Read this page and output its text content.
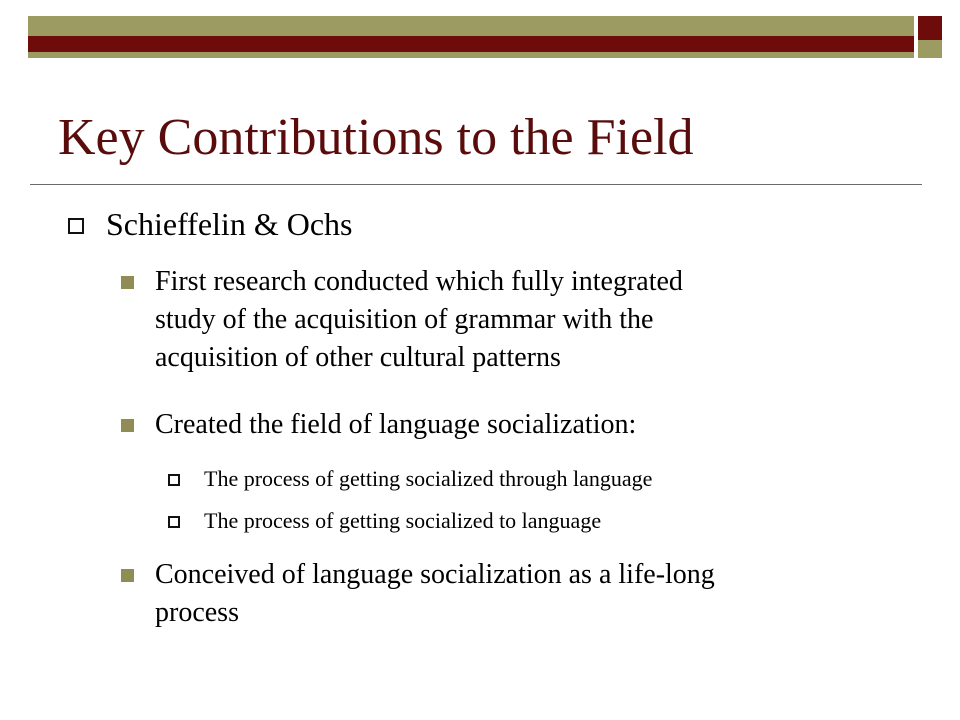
Key Contributions to the Field
Schieffelin & Ochs
First research conducted which fully integrated
study of the acquisition of grammar with the
acquisition of other cultural patterns
Created the field of language socialization:
The process of getting socialized through language
The process of getting socialized to language
Conceived of language socialization as a life-long
process
